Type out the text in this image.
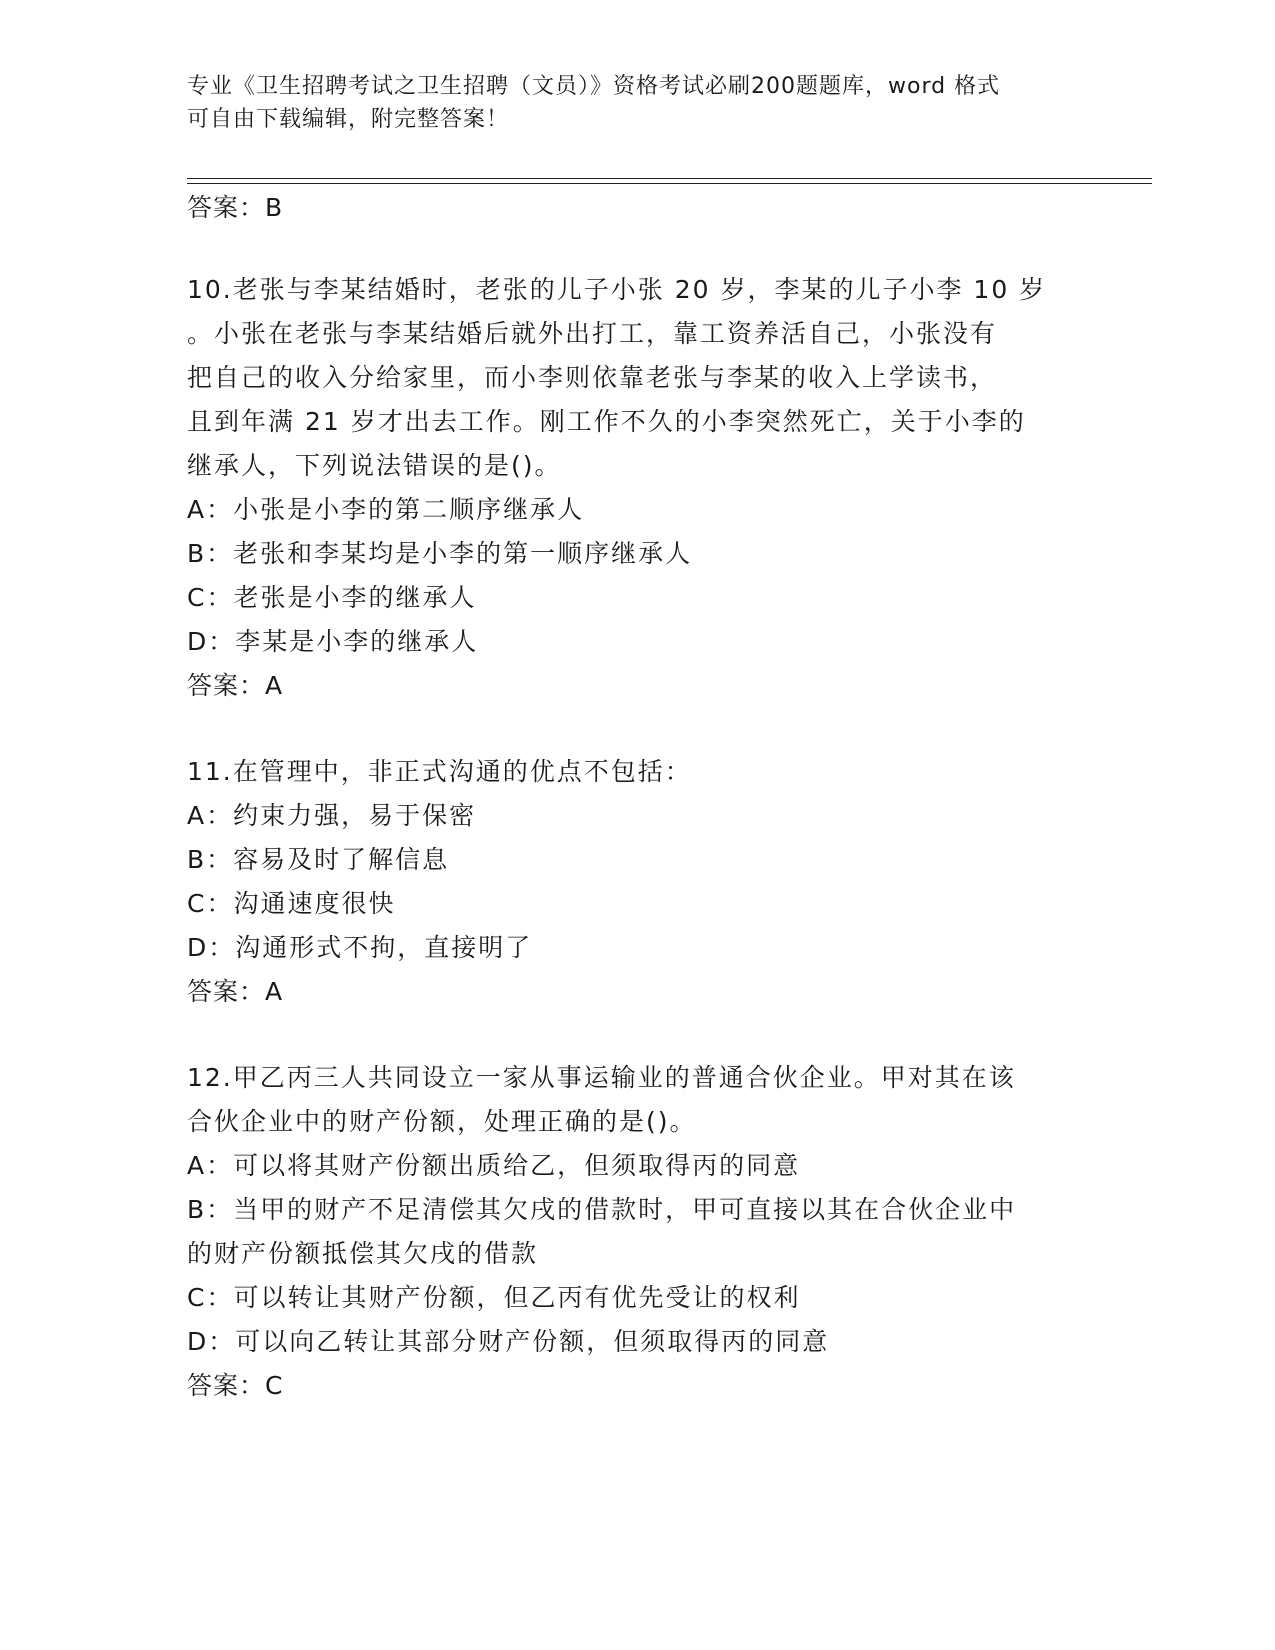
专业《卫生招聘考试之卫生招聘（文员）》资格考试必刷200题题库，word 格式
可自由下载编辑，附完整答案！
答案：B
10.老张与李某结婚时，老张的儿子小张 20 岁，李某的儿子小李 10 岁
。小张在老张与李某结婚后就外出打工，靠工资养活自己，小张没有
把自己的收入分给家里，而小李则依靠老张与李某的收入上学读书，
且到年满 21 岁才出去工作。刚工作不久的小李突然死亡，关于小李的
继承人，下列说法错误的是()。
A：小张是小李的第二顺序继承人
B：老张和李某均是小李的第一顺序继承人
C：老张是小李的继承人
D：李某是小李的继承人
答案：A
11.在管理中，非正式沟通的优点不包括：
A：约束力强，易于保密
B：容易及时了解信息
C：沟通速度很快
D：沟通形式不拘，直接明了
答案：A
12.甲乙丙三人共同设立一家从事运输业的普通合伙企业。甲对其在该
合伙企业中的财产份额，处理正确的是()。
A：可以将其财产份额出质给乙，但须取得丙的同意
B：当甲的财产不足清偿其欠戌的借款时，甲可直接以其在合伙企业中
的财产份额抵偿其欠戌的借款
C：可以转让其财产份额，但乙丙有优先受让的权利
D：可以向乙转让其部分财产份额，但须取得丙的同意
答案：C
